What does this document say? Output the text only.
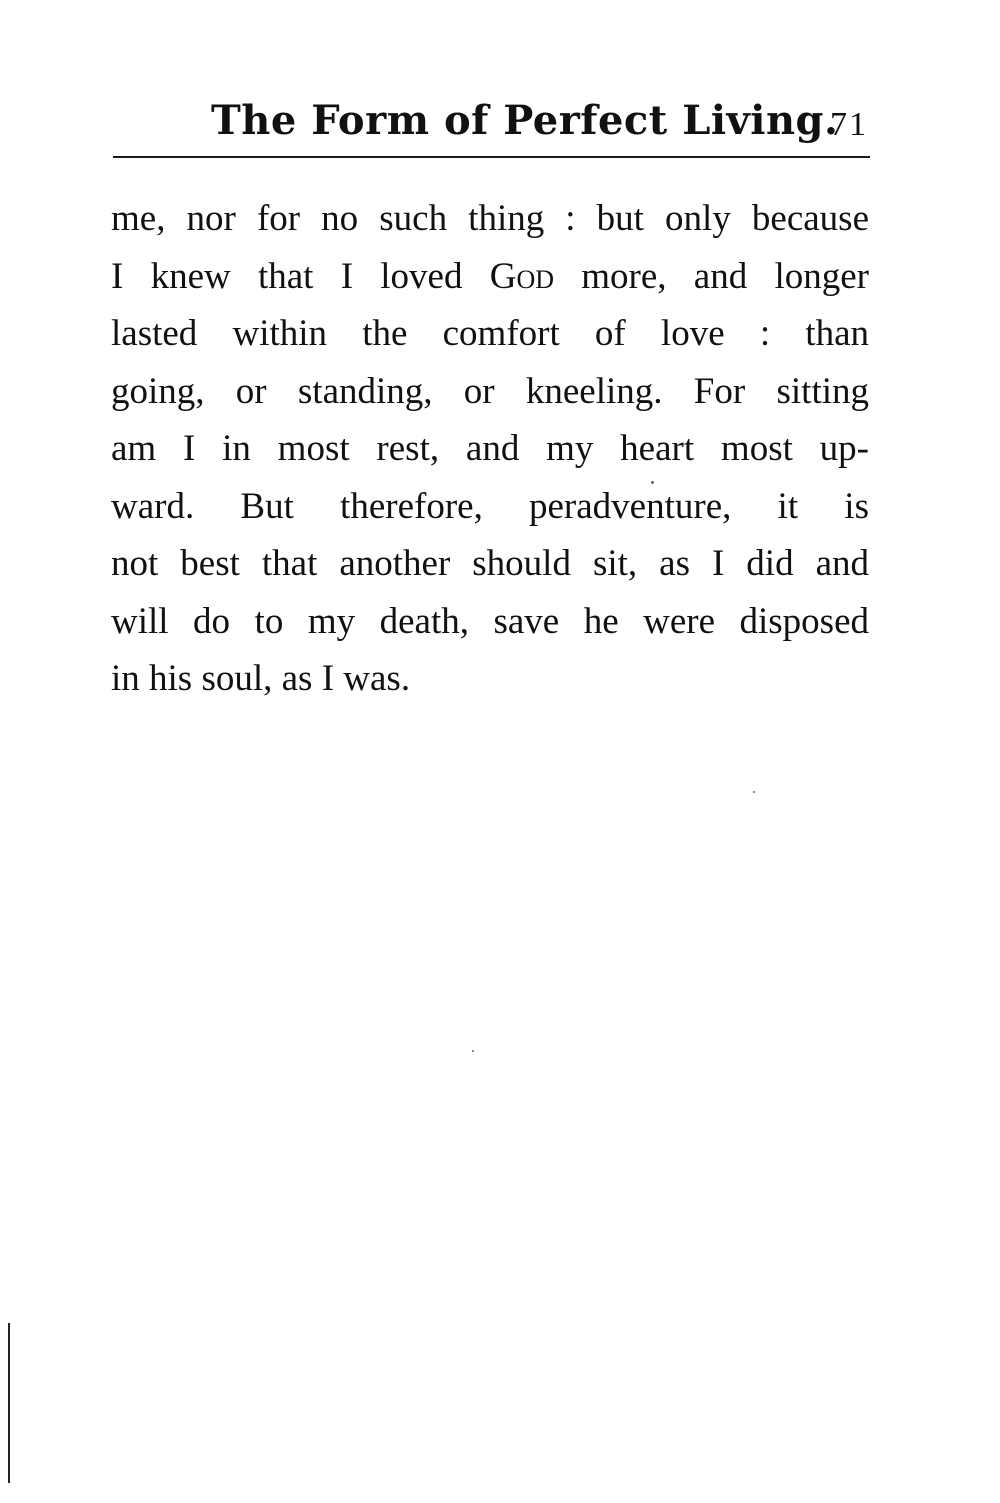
The Form of Perfect Living.
71
me, nor for no such thing : but only because
I knew that I loved God more, and longer
lasted within the comfort of love : than
going, or standing, or kneeling. For sitting
am I in most rest, and my heart most up-
ward. But therefore, peradventure, it is
not best that another should sit, as I did and
will do to my death, save he were disposed
in his soul, as I was.
